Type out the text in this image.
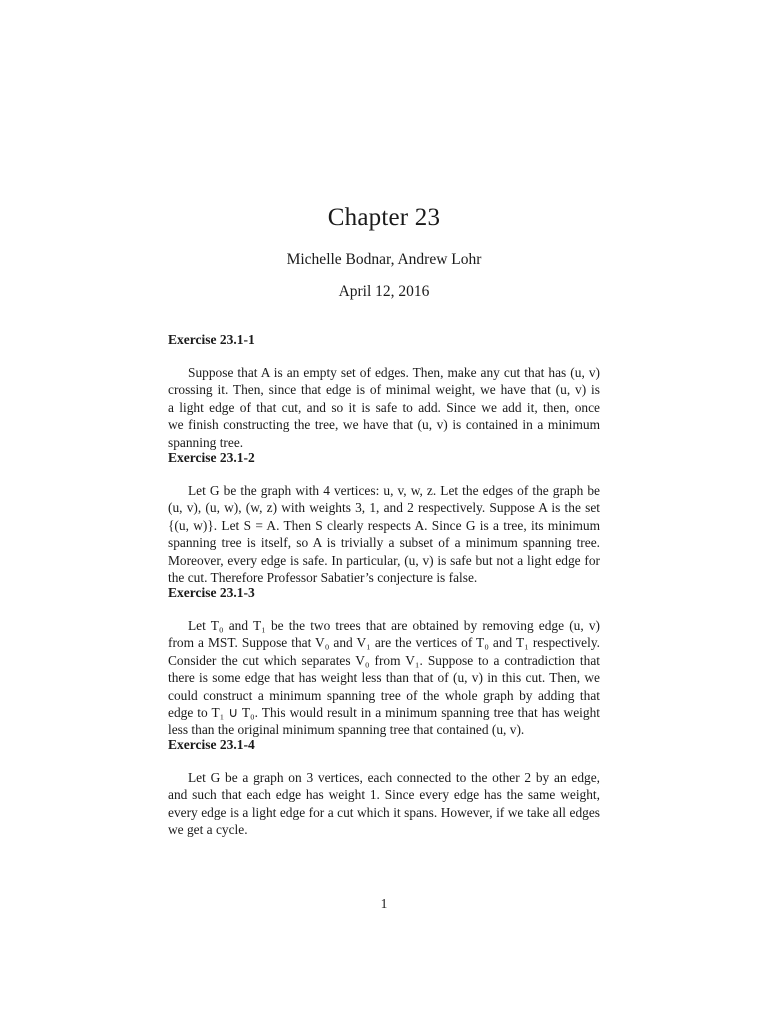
Chapter 23
Michelle Bodnar, Andrew Lohr
April 12, 2016

Exercise 23.1-1

Suppose that A is an empty set of edges. Then, make any cut that has (u, v)
crossing it. Then, since that edge is of minimal weight, we have that (u, v) is
a light edge of that cut, and so it is safe to add. Since we add it, then, once
we finish constructing the tree, we have that (u, v) is contained in a minimum
spanning tree.

Exercise 23.1-2

Let G be the graph with 4 vertices: u, v, w, z. Let the edges of the graph be
(u, v), (u, w), (w, z) with weights 3, 1, and 2 respectively. Suppose A is the set
{(u, w)}. Let S = A. Then S clearly respects A. Since G is a tree, its minimum
spanning tree is itself, so A is trivially a subset of a minimum spanning tree.
Moreover, every edge is safe. In particular, (u, v) is safe but not a light edge for
the cut. Therefore Professor Sabatier’s conjecture is false.

Exercise 23.1-3

Let T₀ and T₁ be the two trees that are obtained by removing edge (u, v)
from a MST. Suppose that V₀ and V₁ are the vertices of T₀ and T₁ respectively.
Consider the cut which separates V₀ from V₁. Suppose to a contradiction that
there is some edge that has weight less than that of (u, v) in this cut. Then, we
could construct a minimum spanning tree of the whole graph by adding that
edge to T₁ ∪ T₀. This would result in a minimum spanning tree that has weight
less than the original minimum spanning tree that contained (u, v).

Exercise 23.1-4

Let G be a graph on 3 vertices, each connected to the other 2 by an edge,
and such that each edge has weight 1. Since every edge has the same weight,
every edge is a light edge for a cut which it spans. However, if we take all edges
we get a cycle.

1
